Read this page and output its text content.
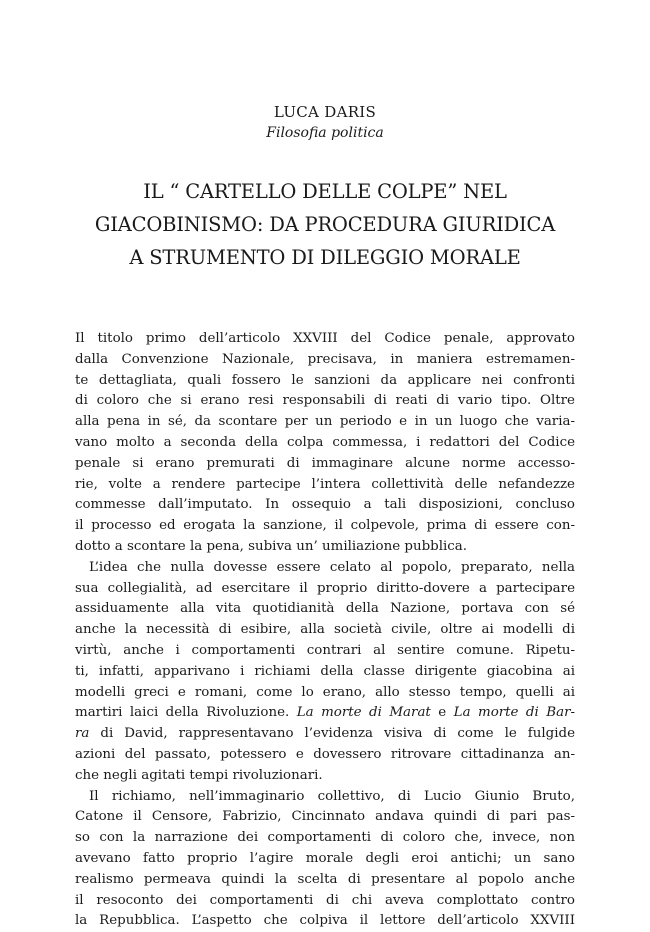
LUCA DARIS
Filosofia politica
IL “ CARTELLO DELLE COLPE” NEL
GIACOBINISMO: DA PROCEDURA GIURIDICA
A STRUMENTO DI DILEGGIO MORALE
Il titolo primo dell’articolo XXVIII del Codice penale, approvato
dalla Convenzione Nazionale, precisava, in maniera estremamen-
te dettagliata, quali fossero le sanzioni da applicare nei confronti
di coloro che si erano resi responsabili di reati di vario tipo. Oltre
alla pena in sé, da scontare per un periodo e in un luogo che varia-
vano molto a seconda della colpa commessa, i redattori del Codice
penale si erano premurati di immaginare alcune norme accesso-
rie, volte a rendere partecipe l’intera collettività delle nefandezze
commesse dall’imputato. In ossequio a tali disposizioni, concluso
il processo ed erogata la sanzione, il colpevole, prima di essere con-
dotto a scontare la pena, subiva un’ umiliazione pubblica.
L’idea che nulla dovesse essere celato al popolo, preparato, nella
sua collegialità, ad esercitare il proprio diritto-dovere a partecipare
assiduamente alla vita quotidianità della Nazione, portava con sé
anche la necessità di esibire, alla società civile, oltre ai modelli di
virtù, anche i comportamenti contrari al sentire comune. Ripetu-
ti, infatti, apparivano i richiami della classe dirigente giacobina ai
modelli greci e romani, come lo erano, allo stesso tempo, quelli ai
martiri laici della Rivoluzione. La morte di Marat e La morte di Bar-
ra di David, rappresentavano l’evidenza visiva di come le fulgide
azioni del passato, potessero e dovessero ritrovare cittadinanza an-
che negli agitati tempi rivoluzionari.
Il richiamo, nell’immaginario collettivo, di Lucio Giunio Bruto,
Catone il Censore, Fabrizio, Cincinnato andava quindi di pari pas-
so con la narrazione dei comportamenti di coloro che, invece, non
avevano fatto proprio l’agire morale degli eroi antichi; un sano
realismo permeava quindi la scelta di presentare al popolo anche
il resoconto dei comportamenti di chi aveva complottato contro
la Repubblica. L’aspetto che colpiva il lettore dell’articolo XXVIII
